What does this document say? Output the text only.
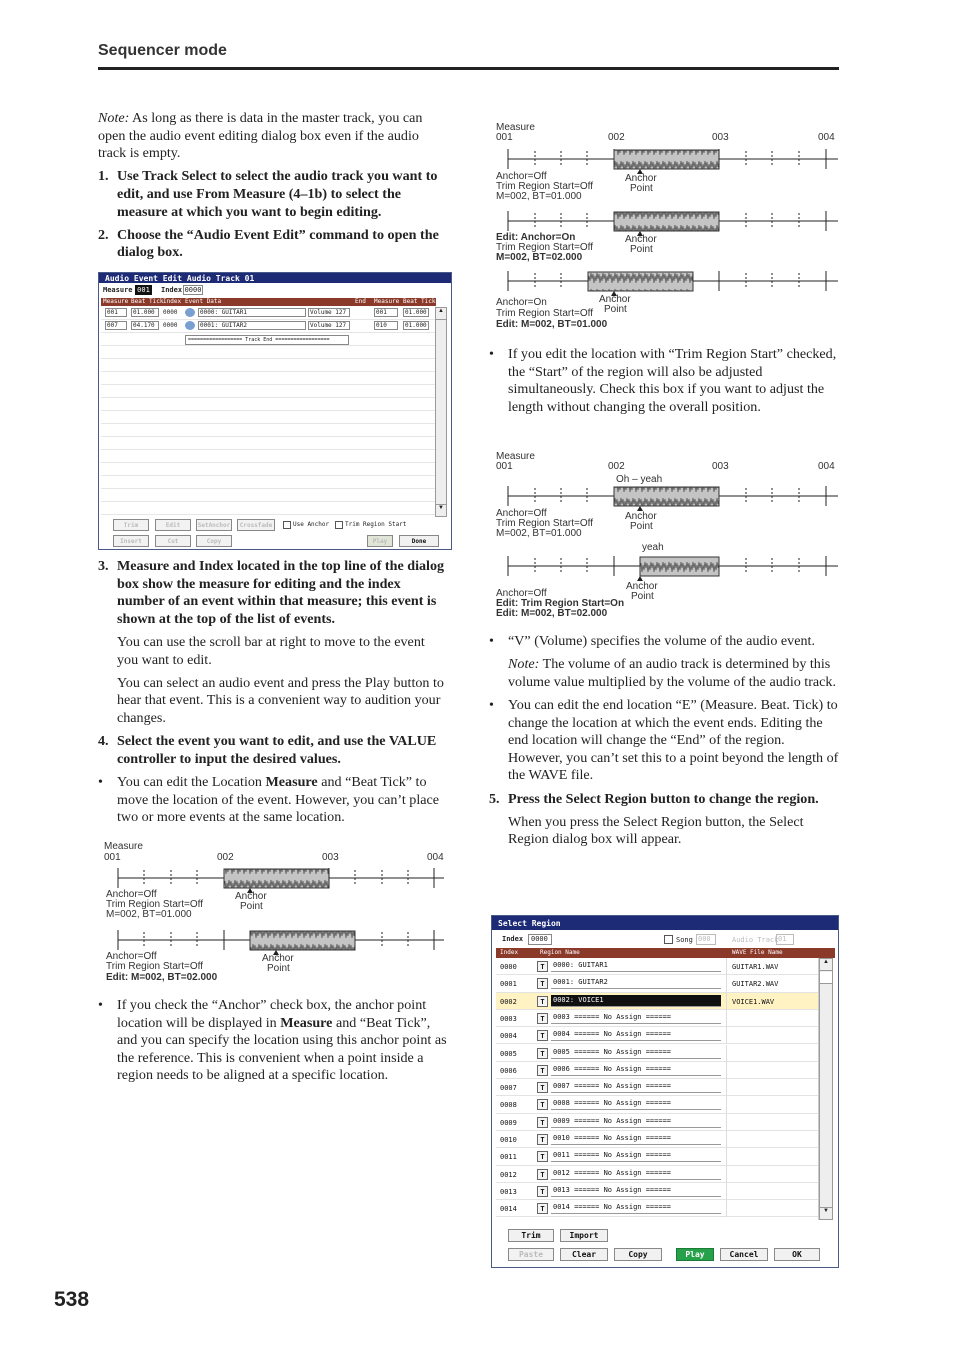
Sequencer mode
538

Note: As long as there is data in the master track, you can open the audio event editing dialog box even if the audio track is empty.

1. Use Track Select to select the audio track you want to edit, and use From Measure (4–1b) to select the measure at which you want to begin editing.
2. Choose the “Audio Event Edit” command to open the dialog box.
Audio Event Edit Audio Track 01
Measure 001	Index 0000
Measure Beat Tick Index Event Data	End Measure Beat Tick
001	01.000	0000	0000: GUITAR1	Volume 127	001	01.000
007	04.170	0000	0001: GUITAR2	Volume 127	010	01.000
================== Track End ==================
▲
▼
Trim	Edit	SetAnchor	Crossfade	Use Anchor	Trim Region Start
Insert	Cut	Copy	Play	Done
3. Measure and Index located in the top line of the dialog box show the measure for editing and the index number of an event within that measure; this event is shown at the top of the list of events.

You can use the scroll bar at right to move to the event you want to edit.

You can select an audio event and press the Play button to hear that event. This is a convenient way to audition your changes.

4. Select the event you want to edit, and use the VALUE controller to input the desired values.
• You can edit the Location Measure and “Beat Tick” to move the location of the event. However, you can’t place two or more events at the same location.
Measure
001	002	003	004
Anchor=Off
Trim Region Start=Off
M=002, BT=01.000
Anchor
Point
Anchor=Off
Trim Region Start=Off
Edit: M=002, BT=02.000
Anchor
Point
• If you check the “Anchor” check box, the anchor point location will be displayed in Measure and “Beat Tick”, and you can specify the location using this anchor point as the reference. This is convenient when a point inside a region needs to be aligned at a specific location.
Measure
001	002	003	004
Anchor=Off
Trim Region Start=Off
M=002, BT=01.000
Anchor
Point
Edit: Anchor=On
Trim Region Start=Off
M=002, BT=02.000
Anchor
Point
Anchor=On
Trim Region Start=Off
Edit: M=002, BT=01.000
Anchor
Point
• If you edit the location with “Trim Region Start” checked, the “Start” of the region will also be adjusted simultaneously. Check this box if you want to adjust the length without changing the overall position.
Measure
001	002	003	004
Oh – yeah
Anchor=Off
Trim Region Start=Off
M=002, BT=01.000
Anchor
Point
yeah
Anchor=Off
Edit: Trim Region Start=On
Edit: M=002, BT=02.000
Anchor
Point
• “V” (Volume) specifies the volume of the audio event.

Note: The volume of an audio track is determined by this volume value multiplied by the volume of the audio track.

• You can edit the end location “E” (Measure. Beat. Tick) to change the location at which the event ends. Editing the end location will change the “End” of the region. However, you can’t set this to a point beyond the length of the WAVE file.
5. Press the Select Region button to change the region.

When you press the Select Region button, the Select Region dialog box will appear.

Select Region
Index	0000	Song 000	Audio Track 01
Index	Region Name	WAVE File Name
0000	T	0000: GUITAR1	GUITAR1.WAV
0001	T	0001: GUITAR2	GUITAR2.WAV
0002	T	0002: VOICE1	VOICE1.WAV
0003	T	0003 ====== No Assign ======
0004	T	0004 ====== No Assign ======
0005	T	0005 ====== No Assign ======
0006	T	0006 ====== No Assign ======
0007	T	0007 ====== No Assign ======
0008	T	0008 ====== No Assign ======
0009	T	0009 ====== No Assign ======
0010	T	0010 ====== No Assign ======
0011	T	0011 ====== No Assign ======
0012	T	0012 ====== No Assign ======
0013	T	0013 ====== No Assign ======
0014	T	0014 ====== No Assign ======
▲
▼
Trim	Import
Paste	Clear	Copy	Play	Cancel	OK
